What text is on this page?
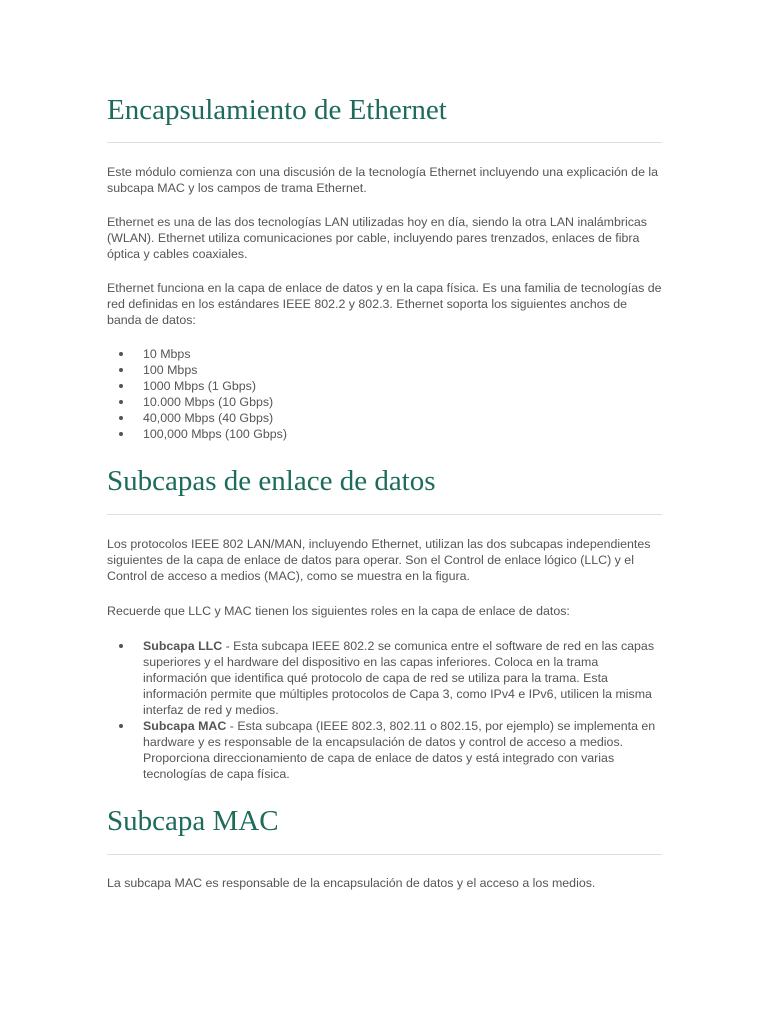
Encapsulamiento de Ethernet

Este módulo comienza con una discusión de la tecnología Ethernet incluyendo una explicación de la subcapa MAC y los campos de trama Ethernet.

Ethernet es una de las dos tecnologías LAN utilizadas hoy en día, siendo la otra LAN inalámbricas (WLAN). Ethernet utiliza comunicaciones por cable, incluyendo pares trenzados, enlaces de fibra óptica y cables coaxiales.

Ethernet funciona en la capa de enlace de datos y en la capa física. Es una familia de tecnologías de red definidas en los estándares IEEE 802.2 y 802.3. Ethernet soporta los siguientes anchos de banda de datos:

10 Mbps
100 Mbps
1000 Mbps (1 Gbps)
10.000 Mbps (10 Gbps)
40,000 Mbps (40 Gbps)
100,000 Mbps (100 Gbps)
Subcapas de enlace de datos

Los protocolos IEEE 802 LAN/MAN, incluyendo Ethernet, utilizan las dos subcapas independientes siguientes de la capa de enlace de datos para operar. Son el Control de enlace lógico (LLC) y el Control de acceso a medios (MAC), como se muestra en la figura.

Recuerde que LLC y MAC tienen los siguientes roles en la capa de enlace de datos:

Subcapa LLC - Esta subcapa IEEE 802.2 se comunica entre el software de red en las capas superiores y el hardware del dispositivo en las capas inferiores. Coloca en la trama información que identifica qué protocolo de capa de red se utiliza para la trama. Esta información permite que múltiples protocolos de Capa 3, como IPv4 e IPv6, utilicen la misma interfaz de red y medios.
Subcapa MAC - Esta subcapa (IEEE 802.3, 802.11 o 802.15, por ejemplo) se implementa en hardware y es responsable de la encapsulación de datos y control de acceso a medios. Proporciona direccionamiento de capa de enlace de datos y está integrado con varias tecnologías de capa física.
Subcapa MAC

La subcapa MAC es responsable de la encapsulación de datos y el acceso a los medios.
